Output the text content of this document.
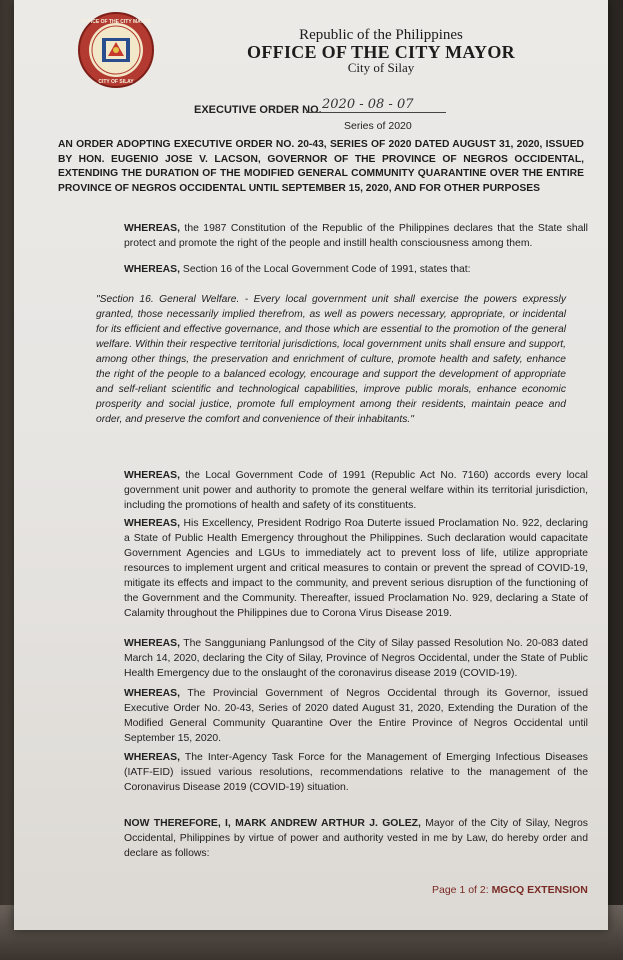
OFFICE OF THE CITY MAYOR
CITY OF SILAY
Republic of the Philippines
OFFICE OF THE CITY MAYOR
City of Silay
EXECUTIVE ORDER NO. 2020 - 08 - 07
Series of 2020
AN ORDER ADOPTING EXECUTIVE ORDER NO. 20-43, SERIES OF 2020 DATED AUGUST 31, 2020, ISSUED BY HON. EUGENIO JOSE V. LACSON, GOVERNOR OF THE PROVINCE OF NEGROS OCCIDENTAL, EXTENDING THE DURATION OF THE MODIFIED GENERAL COMMUNITY QUARANTINE OVER THE ENTIRE PROVINCE OF NEGROS OCCIDENTAL UNTIL SEPTEMBER 15, 2020, AND FOR OTHER PURPOSES
WHEREAS, the 1987 Constitution of the Republic of the Philippines declares that the State shall protect and promote the right of the people and instill health consciousness among them.
WHEREAS, Section 16 of the Local Government Code of 1991, states that:
"Section 16. General Welfare. - Every local government unit shall exercise the powers expressly granted, those necessarily implied therefrom, as well as powers necessary, appropriate, or incidental for its efficient and effective governance, and those which are essential to the promotion of the general welfare. Within their respective territorial jurisdictions, local government units shall ensure and support, among other things, the preservation and enrichment of culture, promote health and safety, enhance the right of the people to a balanced ecology, encourage and support the development of appropriate and self-reliant scientific and technological capabilities, improve public morals, enhance economic prosperity and social justice, promote full employment among their residents, maintain peace and order, and preserve the comfort and convenience of their inhabitants."
WHEREAS, the Local Government Code of 1991 (Republic Act No. 7160) accords every local government unit power and authority to promote the general welfare within its territorial jurisdiction, including the promotions of health and safety of its constituents.
WHEREAS, His Excellency, President Rodrigo Roa Duterte issued Proclamation No. 922, declaring a State of Public Health Emergency throughout the Philippines. Such declaration would capacitate Government Agencies and LGUs to immediately act to prevent loss of life, utilize appropriate resources to implement urgent and critical measures to contain or prevent the spread of COVID-19, mitigate its effects and impact to the community, and prevent serious disruption of the functioning of the Government and the Community. Thereafter, issued Proclamation No. 929, declaring a State of Calamity throughout the Philippines due to Corona Virus Disease 2019.
WHEREAS, The Sangguniang Panlungsod of the City of Silay passed Resolution No. 20-083 dated March 14, 2020, declaring the City of Silay, Province of Negros Occidental, under the State of Public Health Emergency due to the onslaught of the coronavirus disease 2019 (COVID-19).
WHEREAS, The Provincial Government of Negros Occidental through its Governor, issued Executive Order No. 20-43, Series of 2020 dated August 31, 2020, Extending the Duration of the Modified General Community Quarantine Over the Entire Province of Negros Occidental until September 15, 2020.
WHEREAS, The Inter-Agency Task Force for the Management of Emerging Infectious Diseases (IATF-EID) issued various resolutions, recommendations relative to the management of the Coronavirus Disease 2019 (COVID-19) situation.
NOW THEREFORE, I, MARK ANDREW ARTHUR J. GOLEZ, Mayor of the City of Silay, Negros Occidental, Philippines by virtue of power and authority vested in me by Law, do hereby order and declare as follows:
Page 1 of 2: MGCQ EXTENSION
